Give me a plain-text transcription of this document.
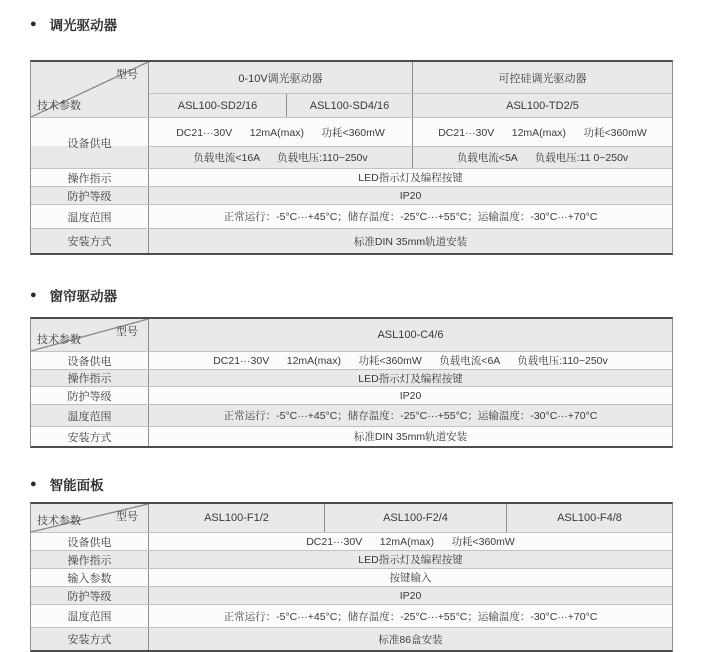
● 调光驱动器
型号
技术参数
0-10V调光驱动器	可控硅调光驱动器
ASL100-SD2/16	ASL100-SD4/16	ASL100-TD2/5
设备供电
DC21···30V      12mA(max)      功耗<360mW	DC21···30V      12mA(max)      功耗<360mW
负载电流<16A      负载电压:110~250v	负载电流<5A      负载电压:11 0~250v
操作指示	LED指示灯及编程按键
防护等级	IP20
温度范围	正常运行：-5°C···+45°C；储存温度：-25°C···+55°C；运输温度：-30°C···+70°C
安装方式	标准DIN 35mm轨道安装
● 窗帘驱动器
型号
技术参数	ASL100-C4/6
设备供电	DC21···30V      12mA(max)      功耗<360mW      负载电流<6A      负载电压:110~250v
操作指示	LED指示灯及编程按键
防护等级	IP20
温度范围	正常运行：-5°C···+45°C；储存温度：-25°C···+55°C；运输温度：-30°C···+70°C
安装方式	标准DIN 35mm轨道安装
● 智能面板
型号
技术参数	ASL100-F1/2	ASL100-F2/4	ASL100-F4/8
设备供电	DC21···30V      12mA(max)      功耗<360mW
操作指示	LED指示灯及编程按键
输入参数	按键输入
防护等级	IP20
温度范围	正常运行：-5°C···+45°C；储存温度：-25°C···+55°C；运输温度：-30°C···+70°C
安装方式	标准86盒安装
